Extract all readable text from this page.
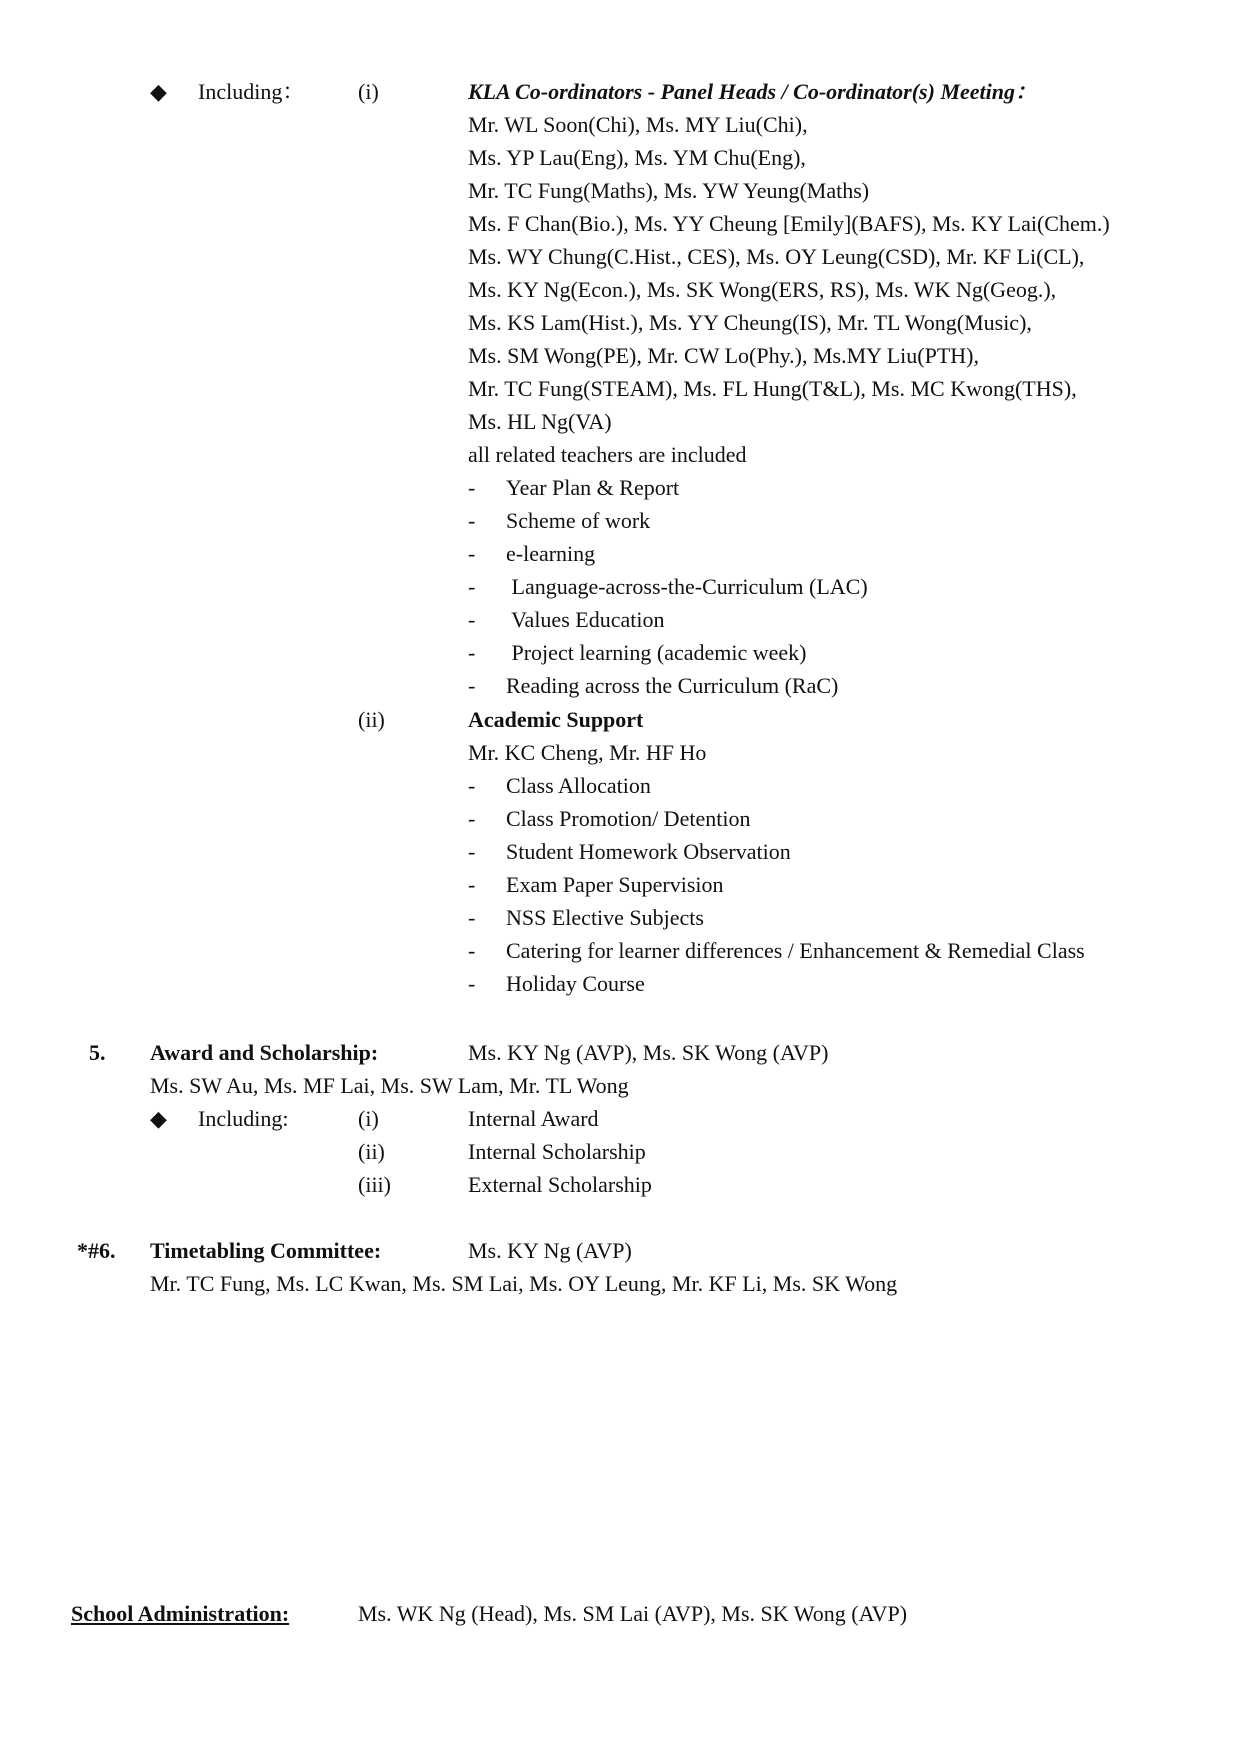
◆ Including： (i)	KLA Co-ordinators - Panel Heads / Co-ordinator(s) Meeting：
Mr. WL Soon(Chi), Ms. MY Liu(Chi),
Ms. YP Lau(Eng), Ms. YM Chu(Eng),
Mr. TC Fung(Maths), Ms. YW Yeung(Maths)
Ms. F Chan(Bio.), Ms. YY Cheung [Emily](BAFS), Ms. KY Lai(Chem.)
Ms. WY Chung(C.Hist., CES), Ms. OY Leung(CSD), Mr. KF Li(CL),
Ms. KY Ng(Econ.), Ms. SK Wong(ERS, RS), Ms. WK Ng(Geog.),
Ms. KS Lam(Hist.), Ms. YY Cheung(IS), Mr. TL Wong(Music),
Ms. SM Wong(PE), Mr. CW Lo(Phy.), Ms.MY Liu(PTH),
Mr. TC Fung(STEAM), Ms. FL Hung(T&L), Ms. MC Kwong(THS),
Ms. HL Ng(VA)
all related teachers are included
- Year Plan & Report
- Scheme of work
- e-learning
- Language-across-the-Curriculum (LAC)
- Values Education
- Project learning (academic week)
- Reading across the Curriculum (RaC)
(ii)	Academic Support
Mr. KC Cheng, Mr. HF Ho
- Class Allocation
- Class Promotion/ Detention
- Student Homework Observation
- Exam Paper Supervision
- NSS Elective Subjects
- Catering for learner differences / Enhancement & Remedial Class
- Holiday Course
5. Award and Scholarship:	Ms. KY Ng (AVP), Ms. SK Wong (AVP)
Ms. SW Au, Ms. MF Lai, Ms. SW Lam, Mr. TL Wong
◆ Including:	(i)	Internal Award
(ii)	Internal Scholarship
(iii)	External Scholarship
*#6. Timetabling Committee:	Ms. KY Ng (AVP)
Mr. TC Fung, Ms. LC Kwan, Ms. SM Lai, Ms. OY Leung, Mr. KF Li, Ms. SK Wong
School Administration:	Ms. WK Ng (Head), Ms. SM Lai (AVP), Ms. SK Wong (AVP)
